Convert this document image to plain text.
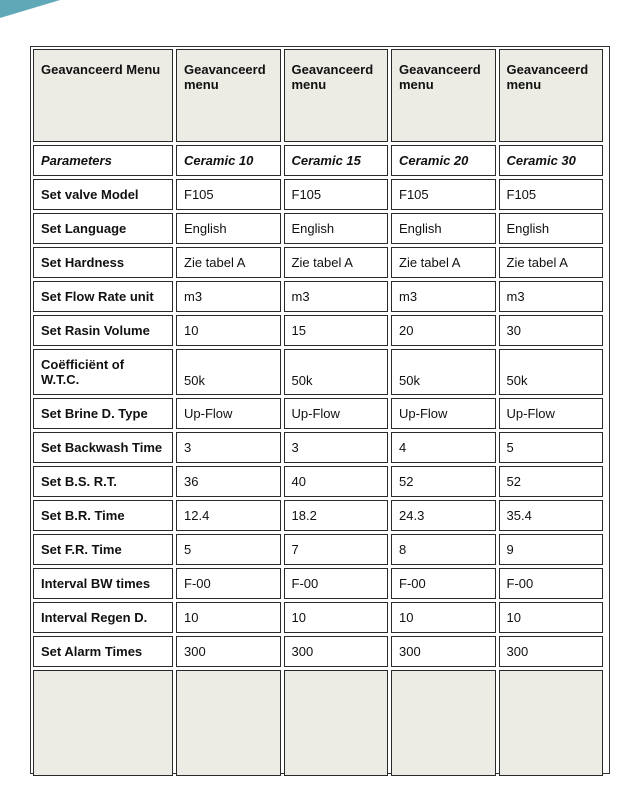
Geavanceerd Menu	Geavanceerd menu	Geavanceerd menu	Geavanceerd menu	Geavanceerd menu
Parameters	Ceramic 10	Ceramic 15	Ceramic 20	Ceramic 30
Set valve Model	F105	F105	F105	F105
Set Language	English	English	English	English
Set Hardness	Zie tabel A	Zie tabel A	Zie tabel A	Zie tabel A
Set Flow Rate unit	m3	m3	m3	m3
Set Rasin Volume	10	15	20	30
Coëfficiënt of W.T.C.	50k	50k	50k	50k
Set Brine D. Type	Up-Flow	Up-Flow	Up-Flow	Up-Flow
Set Backwash Time	3	3	4	5
Set B.S. R.T.	36	40	52	52
Set B.R. Time	12.4	18.2	24.3	35.4
Set F.R. Time	5	7	8	9
Interval BW times	F-00	F-00	F-00	F-00
Interval Regen D.	10	10	10	10
Set Alarm Times	300	300	300	300
